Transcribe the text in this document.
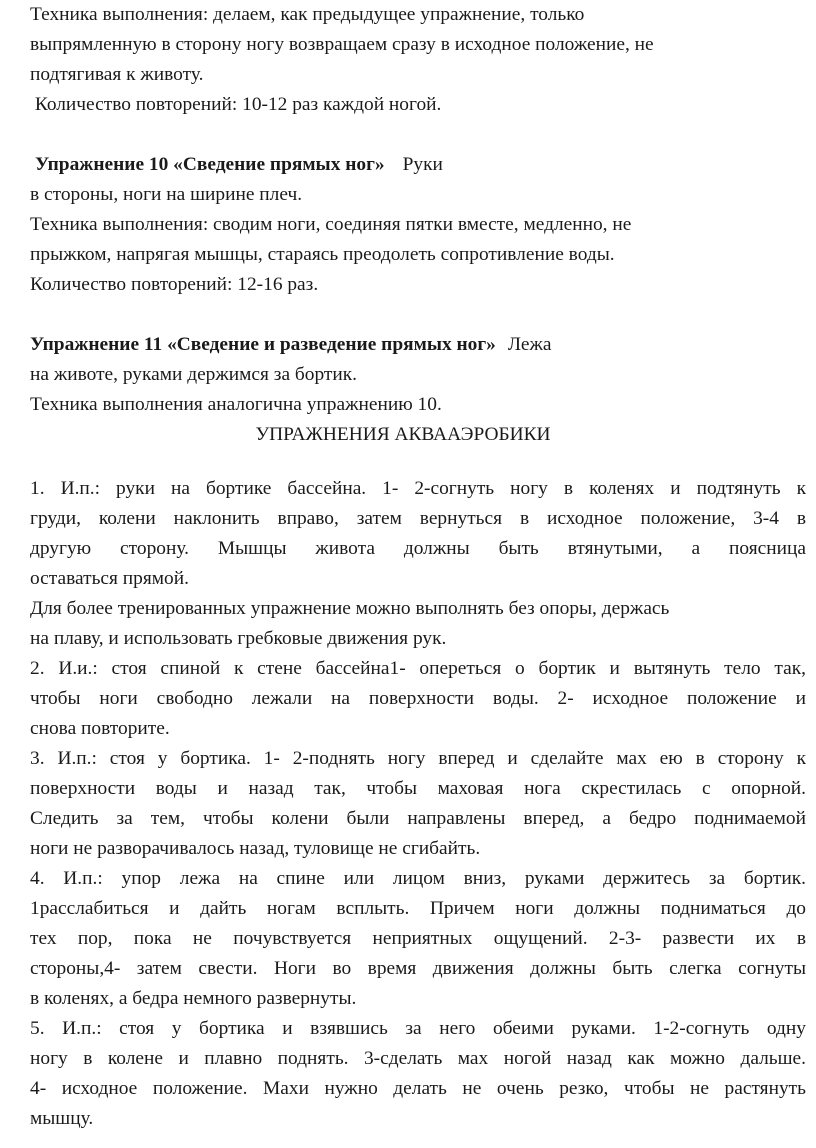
Техника выполнения: делаем, как предыдущее упражнение, только
выпрямленную в сторону ногу возвращаем сразу в исходное положение, не
подтягивая к животу.
Количество повторений: 10-12 раз каждой ногой.
Упражнение 10 «Сведение прямых ног» Руки
в стороны, ноги на ширине плеч.
Техника выполнения: сводим ноги, соединяя пятки вместе, медленно, не
прыжком, напрягая мышцы, стараясь преодолеть сопротивление воды.
Количество повторений: 12-16 раз.
Упражнение 11 «Сведение и разведение прямых ног» Лежа
на животе, руками держимся за бортик.
Техника выполнения аналогична упражнению 10.
УПРАЖНЕНИЯ АКВААЭРОБИКИ
1. И.п.: руки на бортике бассейна. 1- 2-согнуть ногу в коленях и подтянуть к
груди, колени наклонить вправо, затем вернуться в исходное положение, 3-4 в
другую сторону. Мышцы живота должны быть втянутыми, а поясница
оставаться прямой.
Для более тренированных упражнение можно выполнять без опоры, держась
на плаву, и использовать гребковые движения рук.
2. И.и.: стоя спиной к стене бассейна1- опереться о бортик и вытянуть тело так,
чтобы ноги свободно лежали на поверхности воды. 2- исходное положение и
снова повторите.
3. И.п.: стоя у бортика. 1- 2-поднять ногу вперед и сделайте мах ею в сторону к
поверхности воды и назад так, чтобы маховая нога скрестилась с опорной.
Следить за тем, чтобы колени были направлены вперед, а бедро поднимаемой
ноги не разворачивалось назад, туловище не сгибайть.
4. И.п.: упор лежа на спине или лицом вниз, руками держитесь за бортик.
1расслабиться и дайть ногам всплыть. Причем ноги должны подниматься до
тех пор, пока не почувствуется неприятных ощущений. 2-3- развести их в
стороны,4- затем свести. Ноги во время движения должны быть слегка согнуты
в коленях, а бедра немного развернуты.
5. И.п.: стоя у бортика и взявшись за него обеими руками. 1-2-согнуть одну
ногу в колене и плавно поднять. 3-сделать мах ногой назад как можно дальше.
4- исходное положение. Махи нужно делать не очень резко, чтобы не растянуть
мышцу.
